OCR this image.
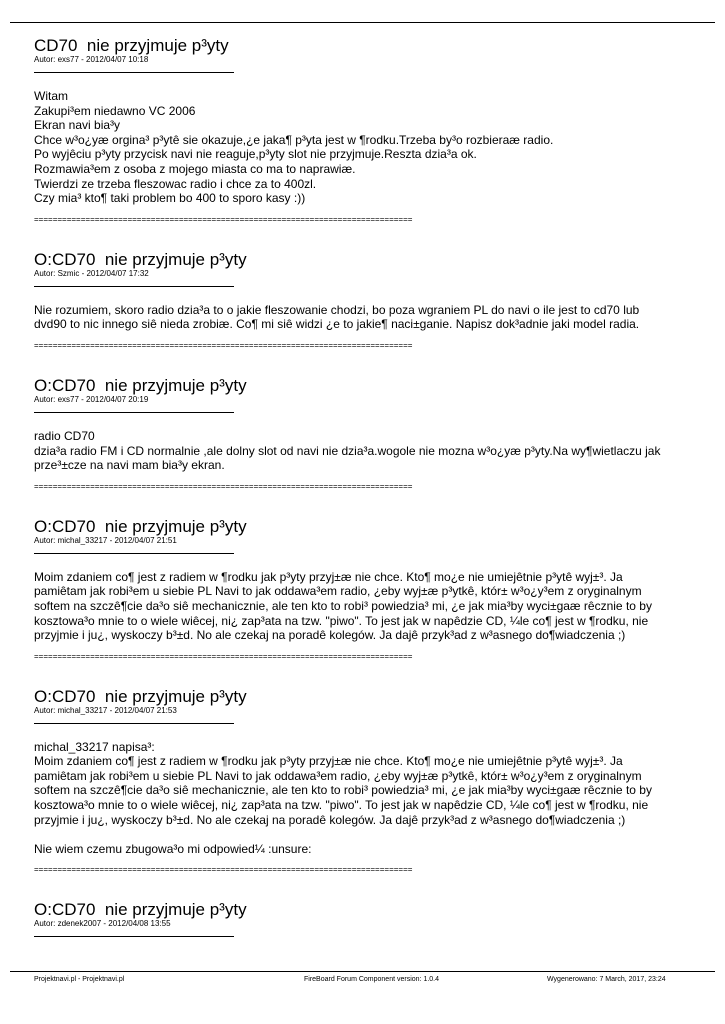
CD70  nie przyjmuje p³yty
Autor: exs77 - 2012/04/07 10:18

Witam

Zakupi³em niedawno VC 2006

Ekran navi bia³y

Chce w³o¿yæ orgina³ p³ytê sie okazuje,¿e jaka¶ p³yta jest w ¶rodku.Trzeba by³o rozbieraæ radio.

Po wyjêciu p³yty przycisk navi nie reaguje,p³yty slot nie przyjmuje.Reszta dzia³a ok.

Rozmawia³em z osoba z mojego miasta co ma to naprawiæ.

Twierdzi ze trzeba fleszowac radio i chce za to 400zl.

Czy mia³ kto¶ taki problem bo 400 to sporo kasy :))

=================================================================================
O:CD70  nie przyjmuje p³yty
Autor: Szmic - 2012/04/07 17:32

Nie rozumiem, skoro radio dzia³a to o jakie fleszowanie chodzi, bo poza wgraniem PL do navi o ile jest to cd70 lub

dvd90 to nic innego siê nieda zrobiæ. Co¶ mi siê widzi ¿e to jakie¶ naci±ganie. Napisz dok³adnie jaki model radia.

=================================================================================
O:CD70  nie przyjmuje p³yty
Autor: exs77 - 2012/04/07 20:19

radio CD70

dzia³a radio FM i CD normalnie ,ale dolny slot od navi nie dzia³a.wogole nie mozna w³o¿yæ p³yty.Na wy¶wietlaczu jak

prze³±cze na navi mam bia³y ekran.

=================================================================================
O:CD70  nie przyjmuje p³yty
Autor: michal_33217 - 2012/04/07 21:51

Moim zdaniem co¶ jest z radiem w ¶rodku jak p³yty przyj±æ nie chce. Kto¶ mo¿e nie umiejêtnie p³ytê wyj±³. Ja

pamiêtam jak robi³em u siebie PL Navi to jak oddawa³em radio, ¿eby wyj±æ p³ytkê, któr± w³o¿y³em z oryginalnym

softem na szczê¶cie da³o siê mechanicznie, ale ten kto to robi³ powiedzia³ mi, ¿e jak mia³by wyci±gaæ rêcznie to by

kosztowa³o mnie to o wiele wiêcej, ni¿ zap³ata na tzw. "piwo". To jest jak w napêdzie CD, ¼le co¶ jest w ¶rodku, nie

przyjmie i ju¿, wyskoczy b³±d. No ale czekaj na poradê kolegów. Ja dajê przyk³ad z w³asnego do¶wiadczenia ;)

=================================================================================
O:CD70  nie przyjmuje p³yty
Autor: michal_33217 - 2012/04/07 21:53

michal_33217 napisa³:

Moim zdaniem co¶ jest z radiem w ¶rodku jak p³yty przyj±æ nie chce. Kto¶ mo¿e nie umiejêtnie p³ytê wyj±³. Ja

pamiêtam jak robi³em u siebie PL Navi to jak oddawa³em radio, ¿eby wyj±æ p³ytkê, któr± w³o¿y³em z oryginalnym

softem na szczê¶cie da³o siê mechanicznie, ale ten kto to robi³ powiedzia³ mi, ¿e jak mia³by wyci±gaæ rêcznie to by

kosztowa³o mnie to o wiele wiêcej, ni¿ zap³ata na tzw. "piwo". To jest jak w napêdzie CD, ¼le co¶ jest w ¶rodku, nie

przyjmie i ju¿, wyskoczy b³±d. No ale czekaj na poradê kolegów. Ja dajê przyk³ad z w³asnego do¶wiadczenia ;)

Nie wiem czemu zbugowa³o mi odpowied¼ :unsure:

=================================================================================
O:CD70  nie przyjmuje p³yty
Autor: zdenek2007 - 2012/04/08 13:55
Projektnavi.pl - Projektnavi.pl	FireBoard Forum Component version: 1.0.4	Wygenerowano: 7 March, 2017, 23:24
